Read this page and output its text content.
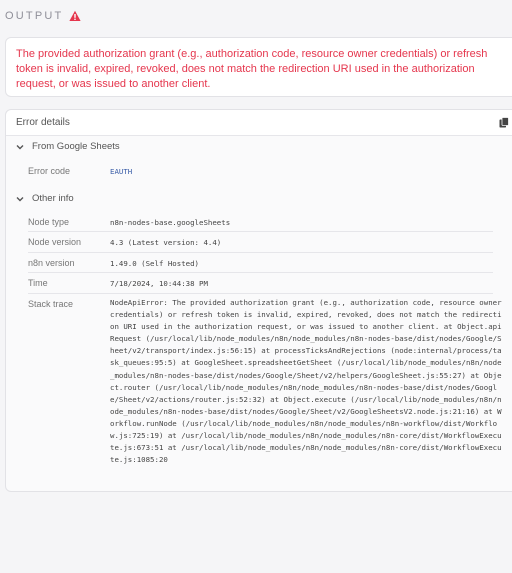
OUTPUT
The provided authorization grant (e.g., authorization code, resource owner credentials) or refresh token is invalid, expired, revoked, does not match the redirection URI used in the authorization request, or was issued to another client.
Error details
From Google Sheets
Error code	EAUTH
Other info
Node type	n8n-nodes-base.googleSheets
Node version	4.3 (Latest version: 4.4)
n8n version	1.49.0 (Self Hosted)
Time	7/18/2024, 10:44:38 PM
Stack trace	NodeApiError: The provided authorization grant (e.g., authorization code, resource owner credentials) or refresh token is invalid, expired, revoked, does not match the redirection URI used in the authorization request, or was issued to another client. at Object.apiRequest (/usr/local/lib/node_modules/n8n/node_modules/n8n-nodes-base/dist/nodes/Google/Sheet/v2/transport/index.js:56:15) at processTicksAndRejections (node:internal/process/task_queues:95:5) at GoogleSheet.spreadsheetGetSheet (/usr/local/lib/node_modules/n8n/node_modules/n8n-nodes-base/dist/nodes/Google/Sheet/v2/helpers/GoogleSheet.js:55:27) at Object.router (/usr/local/lib/node_modules/n8n/node_modules/n8n-nodes-base/dist/nodes/Google/Sheet/v2/actions/router.js:52:32) at Object.execute (/usr/local/lib/node_modules/n8n/node_modules/n8n-nodes-base/dist/nodes/Google/Sheet/v2/GoogleSheetsV2.node.js:21:16) at Workflow.runNode (/usr/local/lib/node_modules/n8n/node_modules/n8n-workflow/dist/Workflow.js:725:19) at /usr/local/lib/node_modules/n8n/node_modules/n8n-core/dist/WorkflowExecute.js:673:51 at /usr/local/lib/node_modules/n8n/node_modules/n8n-core/dist/WorkflowExecute.js:1085:20
